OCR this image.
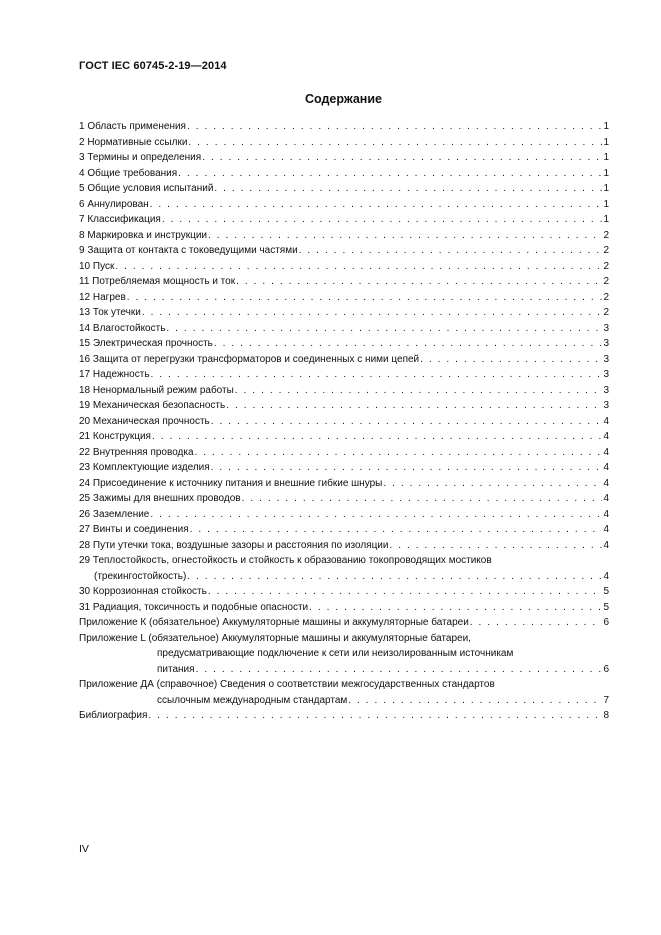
ГОСТ IEC 60745-2-19—2014
Содержание
1 Область применения . . .	1
2 Нормативные ссылки . . .	1
3 Термины и определения . . .	1
4 Общие требования . . .	1
5 Общие условия испытаний . . .	1
6 Аннулирован . . .	1
7 Классификация . . .	1
8 Маркировка и инструкции . . .	2
9 Защита от контакта с токоведущими частями . . .	2
10 Пуск . . .	2
11 Потребляемая мощность и ток . . .	2
12 Нагрев . . .	2
13 Ток утечки . . .	2
14 Влагостойкость . . .	3
15 Электрическая прочность . . .	3
16 Защита от перегрузки трансформаторов и соединенных с ними цепей . . .	3
17 Надежность . . .	3
18 Ненормальный режим работы . . .	3
19 Механическая безопасность . . .	3
20 Механическая прочность . . .	4
21 Конструкция . . .	4
22 Внутренняя проводка . . .	4
23 Комплектующие изделия . . .	4
24 Присоединение к источнику питания и внешние гибкие шнуры . . .	4
25 Зажимы для внешних проводов . . .	4
26 Заземление . . .	4
27 Винты и соединения . . .	4
28 Пути утечки тока, воздушные зазоры и расстояния по изоляции . . .	4
29 Теплостойкость, огнестойкость и стойкость к образованию токопроводящих мостиков
(трекингостойкость) . . .	4
30 Коррозионная стойкость . . .	5
31 Радиация, токсичность и подобные опасности . . .	5
Приложение К (обязательное) Аккумуляторные машины и аккумуляторные батареи . . .	6
Приложение L (обязательное) Аккумуляторные машины и аккумуляторные батареи,
предусматривающие подключение к сети или неизолированным источникам
питания . . .	6
Приложение ДА (справочное) Сведения о соответствии межгосударственных стандартов
ссылочным международным стандартам . . .	7
Библиография . . .	8
IV
